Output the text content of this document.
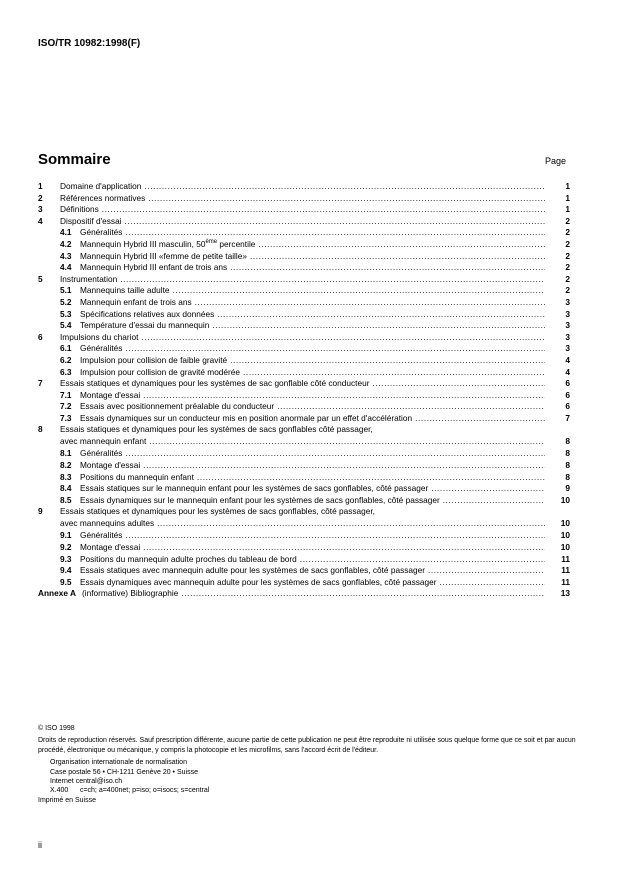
ISO/TR 10982:1998(F)
Sommaire	Page
1	Domaine d'application .....	1
2	Références normatives .....	1
3	Définitions .....	1
4	Dispositif d'essai .....	2
4.1	Généralités .....	2
4.2	Mannequin Hybrid III masculin, 50ème percentile .....	2
4.3	Mannequin Hybrid III «femme de petite taille» .....	2
4.4	Mannequin Hybrid III enfant de trois ans .....	2
5	Instrumentation .....	2
5.1	Mannequins taille adulte .....	2
5.2	Mannequin enfant de trois ans .....	3
5.3	Spécifications relatives aux données .....	3
5.4	Température d'essai du mannequin .....	3
6	Impulsions du chariot .....	3
6.1	Généralités .....	3
6.2	Impulsion pour collision de faible gravité .....	4
6.3	Impulsion pour collision de gravité modérée .....	4
7	Essais statiques et dynamiques pour les systèmes de sac gonflable côté conducteur .....	6
7.1	Montage d'essai .....	6
7.2	Essais avec positionnement préalable du conducteur .....	6
7.3	Essais dynamiques sur un conducteur mis en position anormale par un effet d'accélération .....	7
8 Essais statiques et dynamiques pour les systèmes de sacs gonflables côté passager,
avec mannequin enfant .....	8
8.1	Généralités .....	8
8.2	Montage d'essai .....	8
8.3	Positions du mannequin enfant .....	8
8.4	Essais statiques sur le mannequin enfant pour les systèmes de sacs gonflables, côté passager .....	9
8.5	Essais dynamiques sur le mannequin enfant pour les systèmes de sacs gonflables, côté passager .....	10
9 Essais statiques et dynamiques pour les systèmes de sacs gonflables, côté passager,
avec mannequins adultes .....	10
9.1	Généralités .....	10
9.2	Montage d'essai .....	10
9.3	Positions du mannequin adulte proches du tableau de bord .....	11
9.4	Essais statiques avec mannequin adulte pour les systèmes de sacs gonflables, côté passager .....	11
9.5	Essais dynamiques avec mannequin adulte pour les systèmes de sacs gonflables, côté passager .....	11
Annexe A (informative) Bibliographie .....	13
© ISO 1998
Droits de reproduction réservés. Sauf prescription différente, aucune partie de cette publication ne peut être reproduite ni utilisée sous quelque forme que ce soit et par aucun procédé, électronique ou mécanique, y compris la photocopie et les microfilms, sans l'accord écrit de l'éditeur.
Organisation internationale de normalisation
Case postale 56 • CH-1211 Genève 20 • Suisse
Internet central@iso.ch
X.400 c=ch; a=400net; p=iso; o=isocs; s=central
Imprimé en Suisse
ii
